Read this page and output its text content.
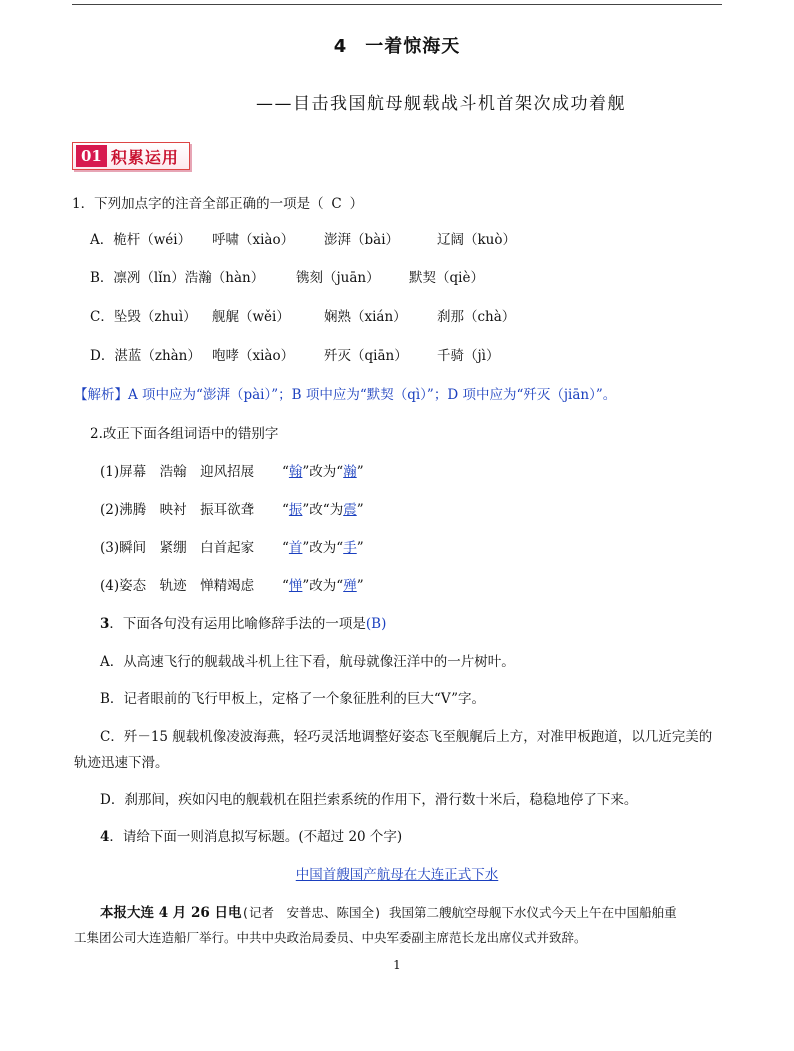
4 一着惊海天
——目击我国航母舰载战斗机首架次成功着舰
01 积累运用
1．下列加点字的注音全部正确的一项是（ C ）
A．桅杆（wéi） 呼啸（xiào） 澎湃（bài）	辽阔（kuò）
B．凛冽（lǐn）浩瀚（hàn） 镌刻（juān） 默契（qiè）
C．坠毁（zhuì） 舰艉（wěi）	娴熟（xián） 刹那（chà）
D．湛蓝（zhàn） 咆哮（xiào） 歼灭（qiān） 千骑（jì）
【解析】A 项中应为“澎湃（pài）”；B 项中应为“默契（qì）”；D 项中应为“歼灭（jiān）”。
2.改正下面各组词语中的错别字
(1)屏幕　浩翰　迎风招展 “翰”改为“瀚”
(2)沸腾　映衬　振耳欲聋 “振”改“为震”
(3)瞬间　紧绷　白首起家 “首”改为“手”
(4)姿态　轨迹　惮精竭虑 “惮”改为“殚”
3．下面各句没有运用比喻修辞手法的一项是(B)
A．从高速飞行的舰载战斗机上往下看，航母就像汪洋中的一片树叶。
B．记者眼前的飞行甲板上，定格了一个象征胜利的巨大“V”字。
C．歼－15 舰载机像凌波海燕，轻巧灵活地调整好姿态飞至舰艉后上方，对准甲板跑道，以几近完美的
轨迹迅速下滑。
D．刹那间，疾如闪电的舰载机在阻拦索系统的作用下，滑行数十米后，稳稳地停了下来。
4．请给下面一则消息拟写标题。(不超过 20 个字)
中国首艘国产航母在大连正式下水
本报大连 4 月 26 日电(记者　安普忠、陈国全) 我国第二艘航空母舰下水仪式今天上午在中国船舶重
工集团公司大连造船厂举行。中共中央政治局委员、中央军委副主席范长龙出席仪式并致辞。
1
